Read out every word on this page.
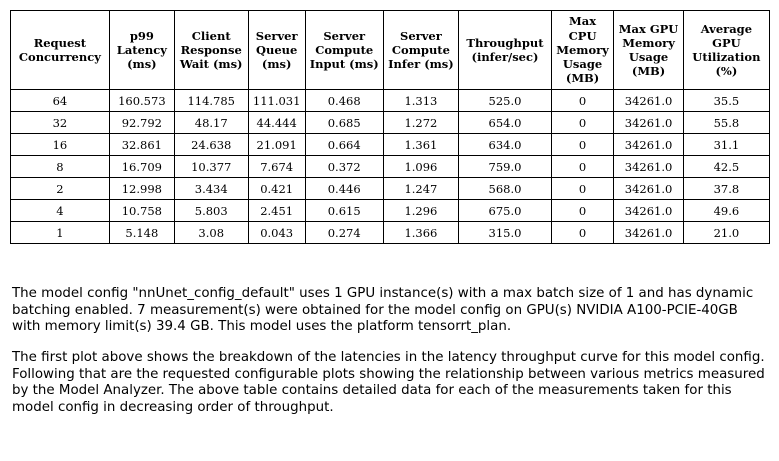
Request Concurrency	p99 Latency (ms)	Client Response Wait (ms)	Server Queue (ms)	Server Compute Input (ms)	Server Compute Infer (ms)	Throughput (infer/sec)	Max CPU Memory Usage (MB)	Max GPU Memory Usage (MB)	Average GPU Utilization (%)
64	160.573	114.785	111.031	0.468	1.313	525.0	0	34261.0	35.5
32	92.792	48.17	44.444	0.685	1.272	654.0	0	34261.0	55.8
16	32.861	24.638	21.091	0.664	1.361	634.0	0	34261.0	31.1
8	16.709	10.377	7.674	0.372	1.096	759.0	0	34261.0	42.5
2	12.998	3.434	0.421	0.446	1.247	568.0	0	34261.0	37.8
4	10.758	5.803	2.451	0.615	1.296	675.0	0	34261.0	49.6
1	5.148	3.08	0.043	0.274	1.366	315.0	0	34261.0	21.0

The model config "nnUnet_config_default" uses 1 GPU instance(s) with a max batch size of 1 and has dynamic batching enabled. 7 measurement(s) were obtained for the model config on GPU(s) NVIDIA A100-PCIE-40GB with memory limit(s) 39.4 GB. This model uses the platform tensorrt_plan.

The first plot above shows the breakdown of the latencies in the latency throughput curve for this model config. Following that are the requested configurable plots showing the relationship between various metrics measured by the Model Analyzer. The above table contains detailed data for each of the measurements taken for this model config in decreasing order of throughput.
